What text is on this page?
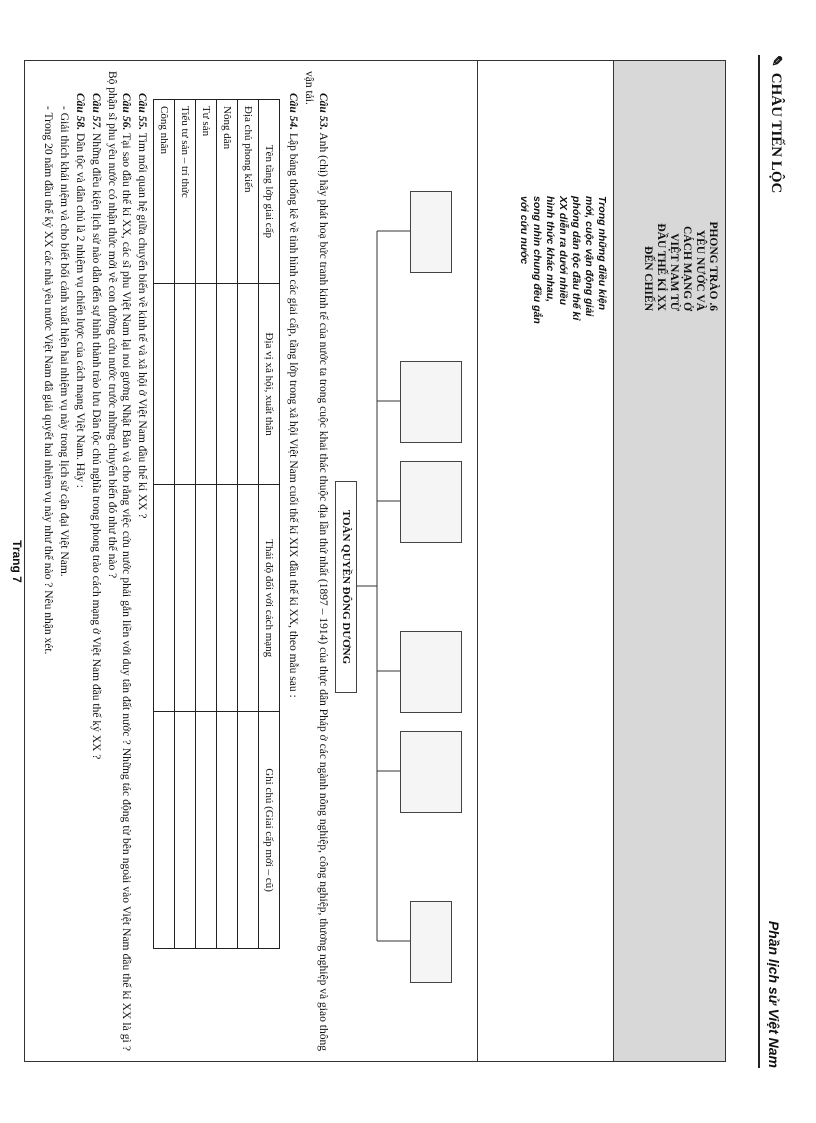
✎CHÂU TIẾN LỘC
Phần lịch sử Việt Nam
6. PHONG TRÀO
YÊU NƯỚC VÀ
CÁCH MẠNG Ở
VIỆT NAM TỪ
ĐẦU THẾ KỈ XX
ĐẾN CHIẾN
Trong những điều kiện mới, cuộc vận động giải phóng dân tộc đầu thế kỉ XX diễn ra dưới nhiều hình thức khác nhau, song nhìn chung đều gắn với cứu nước
TOÀN QUYỀN ĐÔNG DƯƠNG

Câu 53. Anh (chị) hãy phát hoạ bức tranh kinh tế của nước ta trong cuộc khai thác thuộc địa lần thứ nhất (1897 – 1914) của thực dân Pháp ở các ngành nông nghiệp, công nghiệp, thương nghiệp và giao thông vận tải.

Câu 54. Lập bảng thống kê về tình hình các giai cấp, tầng lớp trong xã hội Việt Nam cuối thế kỉ XIX đầu thế kỉ XX, theo mẫu sau :

Tên tầng lớp giai cấp	Địa vị xã hội, xuất thân	Thái độ đối với cách mạng	Ghi chú (Giai cấp mới – cũ)
Địa chủ phong kiến			
Nông dân			
Tư sản			
Tiểu tư sản – trí thức			
Công nhân			

Câu 55. Tìm mối quan hệ giữa chuyển biến về kinh tế và xã hội ở Việt Nam đầu thế kỉ XX ?

Câu 56. Tại sao đầu thế kỉ XX, các sĩ phu Việt Nam lại noi gương Nhật Bản và cho rằng việc cứu nước phải gắn liền với duy tân đất nước ? Những tác động từ bên ngoài vào Việt Nam đầu thế kỉ XX là gì ? Bộ phận sĩ phu yêu nước có nhận thức mới về con đường cứu nước trước những chuyển biến đó như thế nào ?

Câu 57. Những điều kiện lịch sử nào dẫn đến sự hình thành trào lưu Dân tộc chủ nghĩa trong phong trào cách mạng ở Việt Nam đầu thế kỷ XX ?

Câu 58. Dân tộc và dân chủ là 2 nhiệm vụ chiến lược của cách mạng Việt Nam. Hãy :

- Giải thích khái niệm và cho biết bối cảnh xuất hiện hai nhiệm vụ này trong lịch sử cận đại Việt Nam.

- Trong 20 năm đầu thế kỷ XX các nhà yêu nước Việt Nam đã giải quyết hai nhiệm vụ này như thế nào ? Nêu nhận xét.

Trang 7
